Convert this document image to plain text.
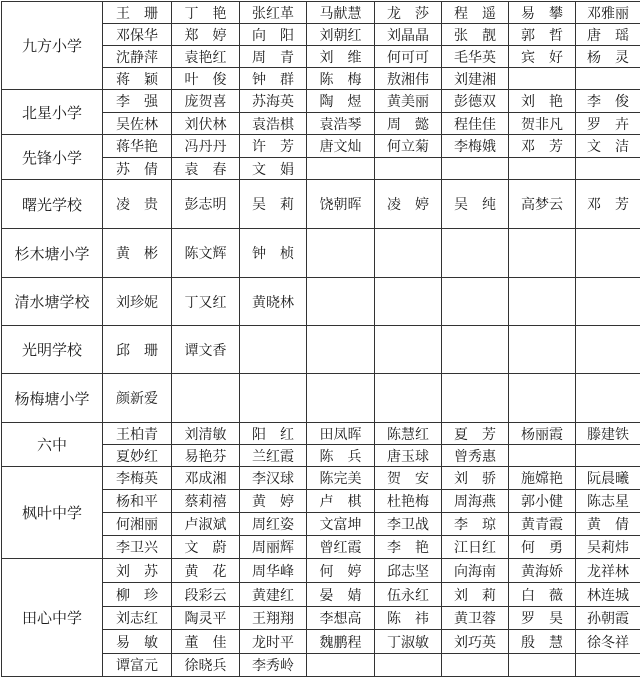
九方小学	王　珊	丁　艳	张红革	马献慧	龙　莎	程　遥	易　攀	邓雅丽
	邓保华	郑　婷	向　阳	刘朝红	刘晶晶	张　靓	郭　哲	唐　瑶
	沈静萍	袁艳红	周　青	刘　维	何可可	毛华英	宾　好	杨　灵
	蒋　颖	叶　俊	钟　群	陈　梅	敖湘伟	刘建湘		
北星小学	李　强	庞贺喜	苏海英	陶　煜	黄美丽	彭德双	刘　艳	李　俊
	吴佐林	刘伏林	袁浩棋	袁浩琴	周　懿	程佳佳	贺非凡	罗　卉
先锋小学	蒋华艳	冯丹丹	许　芳	唐文灿	何立菊	李梅娥	邓　芳	文　洁
	苏　倩	袁　春	文　娟					
曙光学校	凌　贵	彭志明	吴　莉	饶朝晖	凌　婷	吴　纯	高梦云	邓　芳
杉木塘小学	黄　彬	陈文辉	钟　桢					
清水塘学校	刘珍妮	丁又红	黄晓林					
光明学校	邱　珊	谭文香						
杨梅塘小学	颜新爱							
六中	王柏青	刘清敏	阳　红	田凤晖	陈慧红	夏　芳	杨丽霞	滕建铁
	夏妙红	易艳芬	兰红霞	陈　兵	唐玉球	曾秀惠		
枫叶中学	李梅英	邓成湘	李汉球	陈完美	贺　安	刘　骄	施嫦艳	阮晨曦
	杨和平	蔡莉禧	黄　婷	卢　棋	杜艳梅	周海燕	郭小健	陈志星
	何湘丽	卢淑斌	周红姿	文富坤	李卫战	李　琼	黄青霞	黄　倩
	李卫兴	文　蔚	周丽辉	曾红霞	李　艳	江日红	何　勇	吴莉炜
田心中学	刘　苏	黄　花	周华峰	何　婷	邱志坚	向海南	黄海娇	龙祥林
	柳　珍	段彩云	黄建红	晏　婧	伍永红	刘　莉	白　薇	林连城
	刘志红	陶灵平	王翔翔	李想高	陈　祎	黄卫蓉	罗　昊	孙朝霞
	易　敏	董　佳	龙时平	魏鹏程	丁淑敏	刘巧英	殷　慧	徐冬祥
	谭富元	徐晓兵	李秀岭					
